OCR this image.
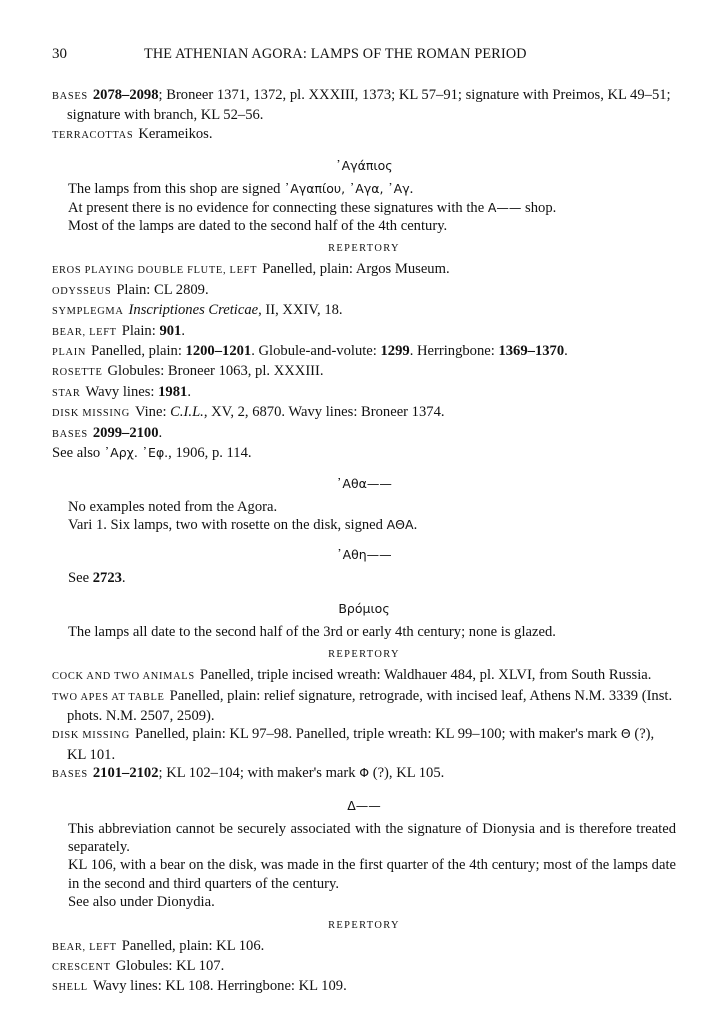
30	THE ATHENIAN AGORA: LAMPS OF THE ROMAN PERIOD

BASES 2078–2098; Broneer 1371, 1372, pl. XXXIII, 1373; KL 57–91; signature with Preimos, KL 49–51; signature with branch, KL 52–56.

TERRACOTTAS Kerameikos.

᾿Αγάπιος

The lamps from this shop are signed ᾿Αγαπίου, ᾿Αγα, ᾿Αγ.

At present there is no evidence for connecting these signatures with the Α—— shop.

Most of the lamps are dated to the second half of the 4th century.

REPERTORY

EROS PLAYING DOUBLE FLUTE, LEFT Panelled, plain: Argos Museum.

ODYSSEUS Plain: CL 2809.

SYMPLEGMA Inscriptiones Creticae, II, XXIV, 18.

BEAR, LEFT Plain: 901.

PLAIN Panelled, plain: 1200–1201. Globule-and-volute: 1299. Herringbone: 1369–1370.

ROSETTE Globules: Broneer 1063, pl. XXXIII.

STAR Wavy lines: 1981.

DISK MISSING Vine: C.I.L., XV, 2, 6870. Wavy lines: Broneer 1374.

BASES 2099–2100.

See also ᾿Αρχ. ᾿Εφ., 1906, p. 114.

᾿Αθα——

No examples noted from the Agora.

Vari 1. Six lamps, two with rosette on the disk, signed ΑΘΑ.

᾿Αθη——

See 2723.

Βρόμιος

The lamps all date to the second half of the 3rd or early 4th century; none is glazed.

REPERTORY

COCK AND TWO ANIMALS Panelled, triple incised wreath: Waldhauer 484, pl. XLVI, from South Russia.

TWO APES AT TABLE Panelled, plain: relief signature, retrograde, with incised leaf, Athens N.M. 3339 (Inst. phots. N.M. 2507, 2509).

DISK MISSING Panelled, plain: KL 97–98. Panelled, triple wreath: KL 99–100; with maker's mark Θ (?), KL 101.

BASES 2101–2102; KL 102–104; with maker's mark Φ (?), KL 105.

Δ——

This abbreviation cannot be securely associated with the signature of Dionysia and is therefore treated separately.

KL 106, with a bear on the disk, was made in the first quarter of the 4th century; most of the lamps date in the second and third quarters of the century.

See also under Dionydia.

REPERTORY

BEAR, LEFT Panelled, plain: KL 106.

CRESCENT Globules: KL 107.

SHELL Wavy lines: KL 108. Herringbone: KL 109.
